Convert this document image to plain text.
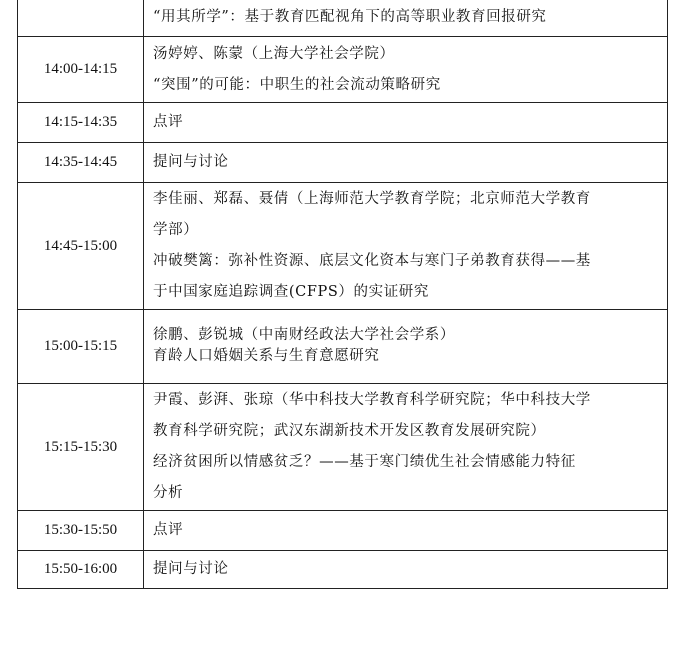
	“用其所学”：基于教育匹配视角下的高等职业教育回报研究

14:00-14:15	汤婷婷、陈蒙（上海大学社会学院）
“突围”的可能：中职生的社会流动策略研究

14:15-14:35	点评

14:35-14:45	提问与讨论

14:45-15:00	李佳丽、郑磊、聂倩（上海师范大学教育学院；北京师范大学教育
学部）
冲破樊篱：弥补性资源、底层文化资本与寒门子弟教育获得——基
于中国家庭追踪调查(CFPS）的实证研究

15:00-15:15	徐鹏、彭锐城（中南财经政法大学社会学系）
育龄人口婚姻关系与生育意愿研究

15:15-15:30	尹霞、彭湃、张琼（华中科技大学教育科学研究院；华中科技大学
教育科学研究院；武汉东湖新技术开发区教育发展研究院）
经济贫困所以情感贫乏？——基于寒门绩优生社会情感能力特征
分析

15:30-15:50	点评

15:50-16:00	提问与讨论
